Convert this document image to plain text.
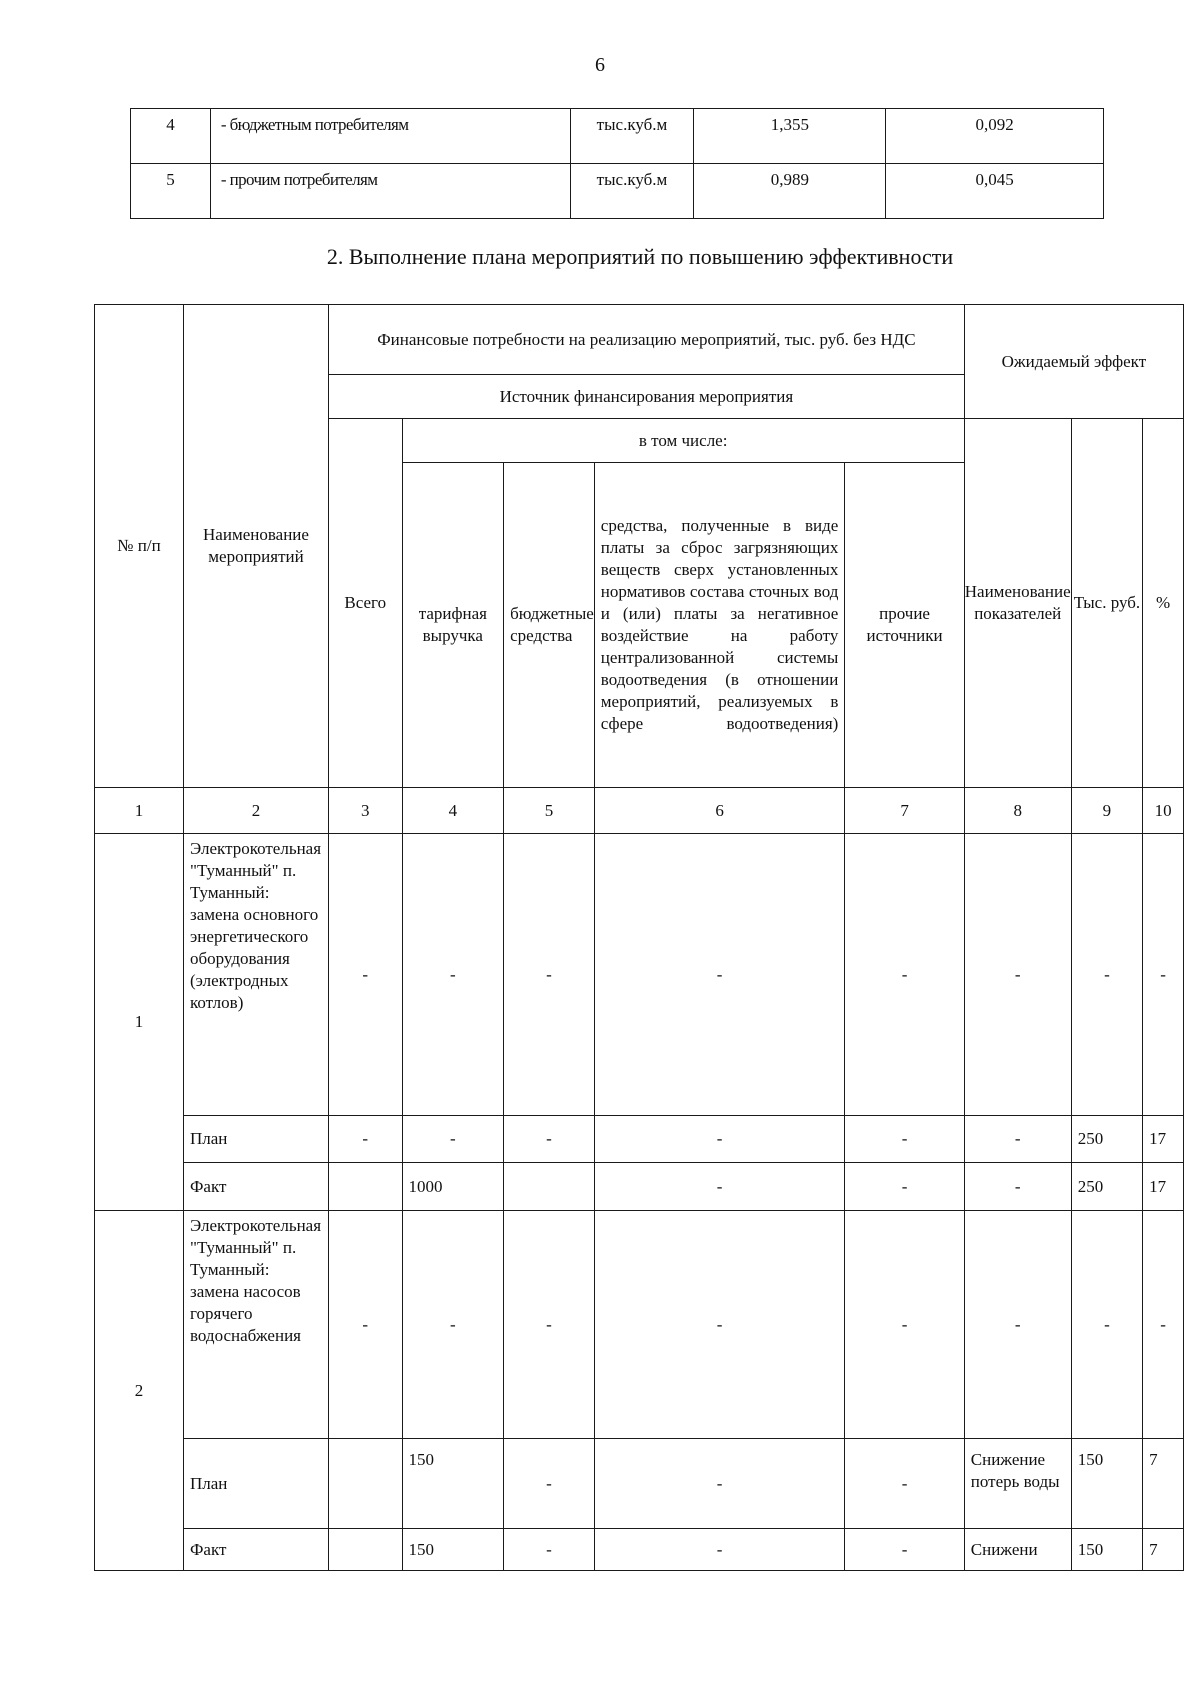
6
4	- бюджетным потребителям	тыс.куб.м	1,355	0,092
5	- прочим потребителям	тыс.куб.м	0,989	0,045
2. Выполнение плана мероприятий по повышению эффективности
№ п/п	Наименование мероприятий	Финансовые потребности на реализацию мероприятий, тыс. руб. без НДС					Ожидаемый эффект		
		Источник финансирования мероприятия							
		Всего	в том числе:				Наименование показателей	Тыс. руб.	%
			тарифная выручка	бюджетные средства	средства, полученные в виде платы за сброс загрязняющих веществ сверх установленных нормативов состава сточных вод и (или) платы за негативное воздействие на работу централизованной системы водоотведения (в отношении мероприятий, реализуемых в сфере водоотведения)	прочие источники			
1	2	3	4	5	6	7	8	9	10
1	Электрокотельная "Туманный" п. Туманный: замена основного энергетического оборудования (электродных котлов)	-	-	-	-	-	-	-	-
	План	-	-	-	-	-	-	250	17
	Факт		1000		-	-	-	250	17
2	Электрокотельная "Туманный" п. Туманный: замена насосов горячего водоснабжения	-	-	-	-	-	-	-	-
	План		150	-	-	-	Снижение потерь воды	150	7
	Факт		150	-	-	-	Снижени	150	7
